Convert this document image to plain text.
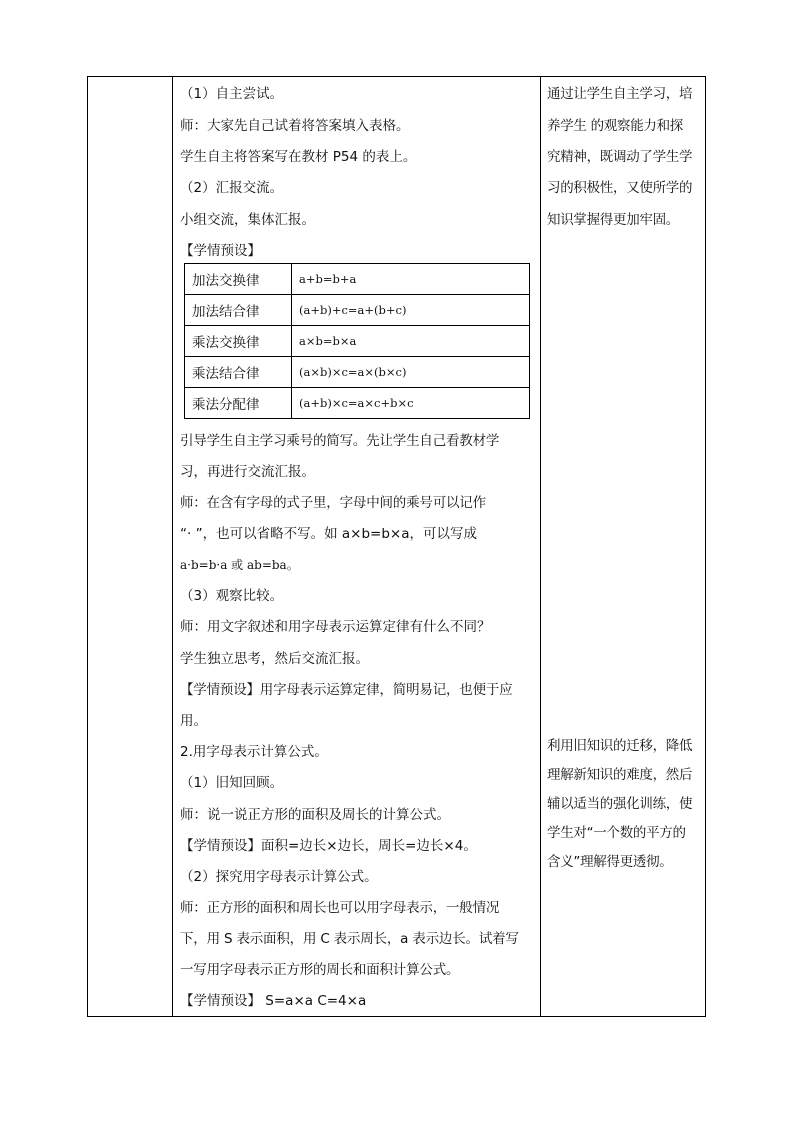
（1）自主尝试。
师：大家先自己试着将答案填入表格。
学生自主将答案写在教材 P54 的表上。
（2）汇报交流。
小组交流，集体汇报。
【学情预设】
加法交换律	a+b=b+a
加法结合律	(a+b)+c=a+(b+c)
乘法交换律	a×b=b×a
乘法结合律	(a×b)×c=a×(b×c)
乘法分配律	(a+b)×c=a×c+b×c
引导学生自主学习乘号的简写。先让学生自己看教材学
习，再进行交流汇报。
师：在含有字母的式子里，字母中间的乘号可以记作
“· ”，也可以省略不写。如 a×b=b×a，可以写成
a·b=b·a 或 ab=ba。
（3）观察比较。
师：用文字叙述和用字母表示运算定律有什么不同？
学生独立思考，然后交流汇报。
【学情预设】用字母表示运算定律，简明易记，也便于应
用。
2.用字母表示计算公式。
（1）旧知回顾。
师：说一说正方形的面积及周长的计算公式。
【学情预设】面积=边长×边长，周长=边长×4。
（2）探究用字母表示计算公式。
师：正方形的面积和周长也可以用字母表示，一般情况
下，用 S 表示面积，用 C 表示周长，a 表示边长。试着写
一写用字母表示正方形的周长和面积计算公式。
【学情预设】 S=a×a C=4×a
通过让学生自主学习，培
养学生 的观察能力和探
究精神，既调动了学生学
习的积极性，又使所学的
知识掌握得更加牢固。
利用旧知识的迁移，降低
理解新知识的难度，然后
辅以适当的强化训练，使
学生对“一个数的平方的
含义”理解得更透彻。
